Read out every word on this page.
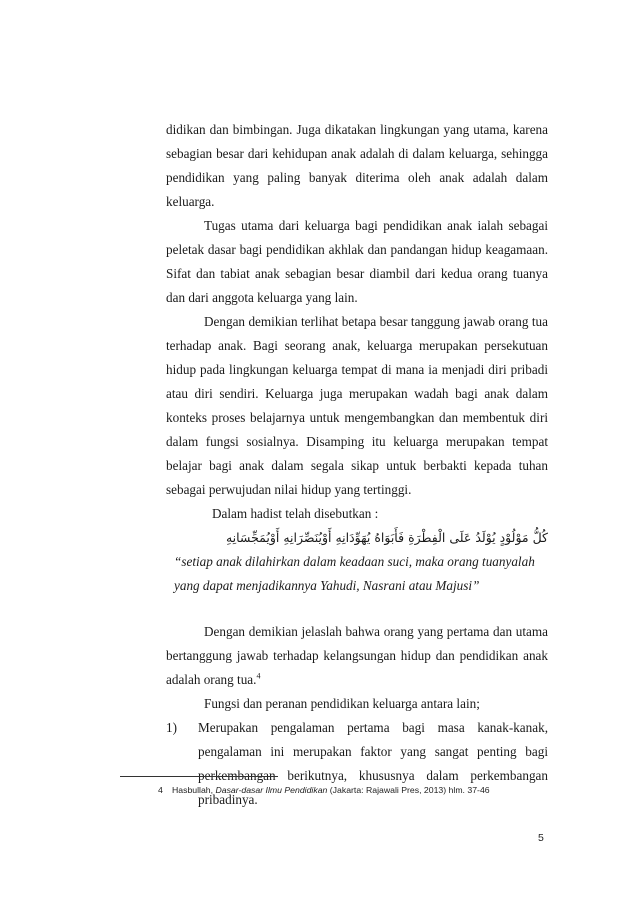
didikan dan bimbingan. Juga dikatakan lingkungan yang utama, karena sebagian besar dari kehidupan anak adalah di dalam keluarga, sehingga pendidikan yang paling banyak diterima oleh anak adalah dalam keluarga.

Tugas utama dari keluarga bagi pendidikan anak ialah sebagai peletak dasar bagi pendidikan akhlak dan pandangan hidup keagamaan. Sifat dan tabiat anak sebagian besar diambil dari kedua orang tuanya dan dari anggota keluarga yang lain.

Dengan demikian terlihat betapa besar tanggung jawab orang tua terhadap anak. Bagi seorang anak, keluarga merupakan persekutuan hidup pada lingkungan keluarga tempat di mana ia menjadi diri pribadi atau diri sendiri. Keluarga juga merupakan wadah bagi anak dalam konteks proses belajarnya untuk mengembangkan dan membentuk diri dalam fungsi sosialnya. Disamping itu keluarga merupakan tempat belajar bagi anak dalam segala sikap untuk berbakti kepada tuhan sebagai perwujudan nilai hidup yang tertinggi.

Dalam hadist telah disebutkan :

كُلُّ مَوْلُوْدٍ يُوْلَدُ عَلَى الْفِطْرَةِ فَأَبَوَاهُ يُهَوِّدَانِهِ أَوْيُنَصِّرَانِهِ أَوْيُمَجِّسَانِهِ

“setiap anak dilahirkan dalam keadaan suci, maka orang tuanyalah

yang dapat menjadikannya Yahudi, Nasrani atau Majusi”

Dengan demikian jelaslah bahwa orang yang pertama dan utama bertanggung jawab terhadap kelangsungan hidup dan pendidikan anak adalah orang tua.$^4$

Fungsi dan peranan pendidikan keluarga antara lain;

1)	Merupakan pengalaman pertama bagi masa kanak-kanak, pengalaman ini merupakan faktor yang sangat penting bagi perkembangan berikutnya, khususnya dalam perkembangan pribadinya.
4 Hasbullah, Dasar-dasar Ilmu Pendidikan (Jakarta: Rajawali Pres, 2013) hlm. 37-46
5
